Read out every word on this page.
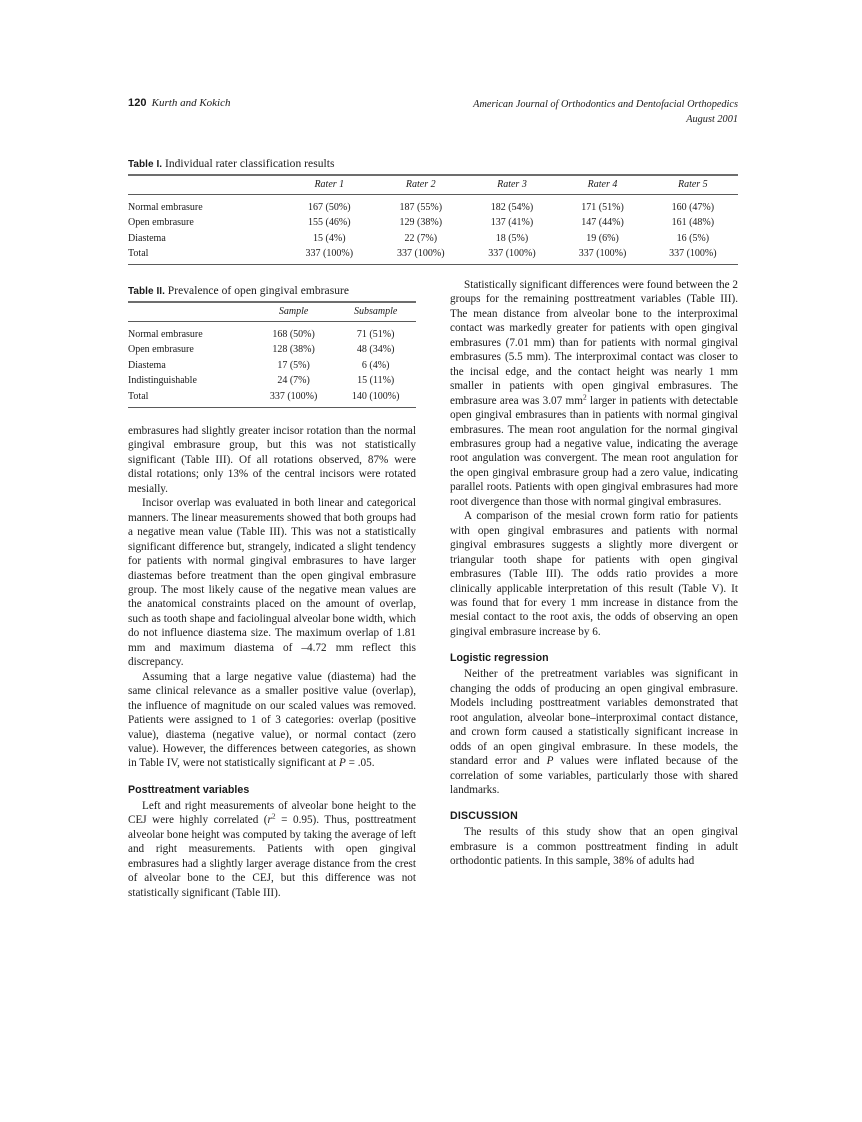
120 Kurth and Kokich	American Journal of Orthodontics and Dentofacial Orthopedics
August 2001
Table I. Individual rater classification results
	Rater 1	Rater 2	Rater 3	Rater 4	Rater 5
Normal embrasure	167 (50%)	187 (55%)	182 (54%)	171 (51%)	160 (47%)
Open embrasure	155 (46%)	129 (38%)	137 (41%)	147 (44%)	161 (48%)
Diastema	15 (4%)	22 (7%)	18 (5%)	19 (6%)	16 (5%)
Total	337 (100%)	337 (100%)	337 (100%)	337 (100%)	337 (100%)
Table II. Prevalence of open gingival embrasure
	Sample	Subsample
Normal embrasure	168 (50%)	71 (51%)
Open embrasure	128 (38%)	48 (34%)
Diastema	17 (5%)	6 (4%)
Indistinguishable	24 (7%)	15 (11%)
Total	337 (100%)	140 (100%)

embrasures had slightly greater incisor rotation than the normal gingival embrasure group, but this was not statistically significant (Table III). Of all rotations observed, 87% were distal rotations; only 13% of the central incisors were rotated mesially.

Incisor overlap was evaluated in both linear and categorical manners. The linear measurements showed that both groups had a negative mean value (Table III). This was not a statistically significant difference but, strangely, indicated a slight tendency for patients with normal gingival embrasures to have larger diastemas before treatment than the open gingival embrasure group. The most likely cause of the negative mean values are the anatomical constraints placed on the amount of overlap, such as tooth shape and faciolingual alveolar bone width, which do not influence diastema size. The maximum overlap of 1.81 mm and maximum diastema of –4.72 mm reflect this discrepancy.

Assuming that a large negative value (diastema) had the same clinical relevance as a smaller positive value (overlap), the influence of magnitude on our scaled values was removed. Patients were assigned to 1 of 3 categories: overlap (positive value), diastema (negative value), or normal contact (zero value). However, the differences between categories, as shown in Table IV, were not statistically significant at P = .05.

Posttreatment variables

Left and right measurements of alveolar bone height to the CEJ were highly correlated $(r^2 = 0.95)$. Thus, posttreatment alveolar bone height was computed by taking the average of left and right measurements. Patients with open gingival embrasures had a slightly larger average distance from the crest of alveolar bone to the CEJ, but this difference was not statistically significant (Table III).

Statistically significant differences were found between the 2 groups for the remaining posttreatment variables (Table III). The mean distance from alveolar bone to the interproximal contact was markedly greater for patients with open gingival embrasures (7.01 mm) than for patients with normal gingival embrasures (5.5 mm). The interproximal contact was closer to the incisal edge, and the contact height was nearly 1 mm smaller in patients with open gingival embrasures. The embrasure area was 3.07 $mm^2$ larger in patients with detectable open gingival embrasures than in patients with normal gingival embrasures. The mean root angulation for the normal gingival embrasures group had a negative value, indicating the average root angulation was convergent. The mean root angulation for the open gingival embrasure group had a zero value, indicating parallel roots. Patients with open gingival embrasures had more root divergence than those with normal gingival embrasures.

A comparison of the mesial crown form ratio for patients with open gingival embrasures and patients with normal gingival embrasures suggests a slightly more divergent or triangular tooth shape for patients with open gingival embrasures (Table III). The odds ratio provides a more clinically applicable interpretation of this result (Table V). It was found that for every 1 mm increase in distance from the mesial contact to the root axis, the odds of observing an open gingival embrasure increase by 6.

Logistic regression

Neither of the pretreatment variables was significant in changing the odds of producing an open gingival embrasure. Models including posttreatment variables demonstrated that root angulation, alveolar bone–interproximal contact distance, and crown form caused a statistically significant increase in odds of an open gingival embrasure. In these models, the standard error and P values were inflated because of the correlation of some variables, particularly those with shared landmarks.

DISCUSSION

The results of this study show that an open gingival embrasure is a common posttreatment finding in adult orthodontic patients. In this sample, 38% of adults had
